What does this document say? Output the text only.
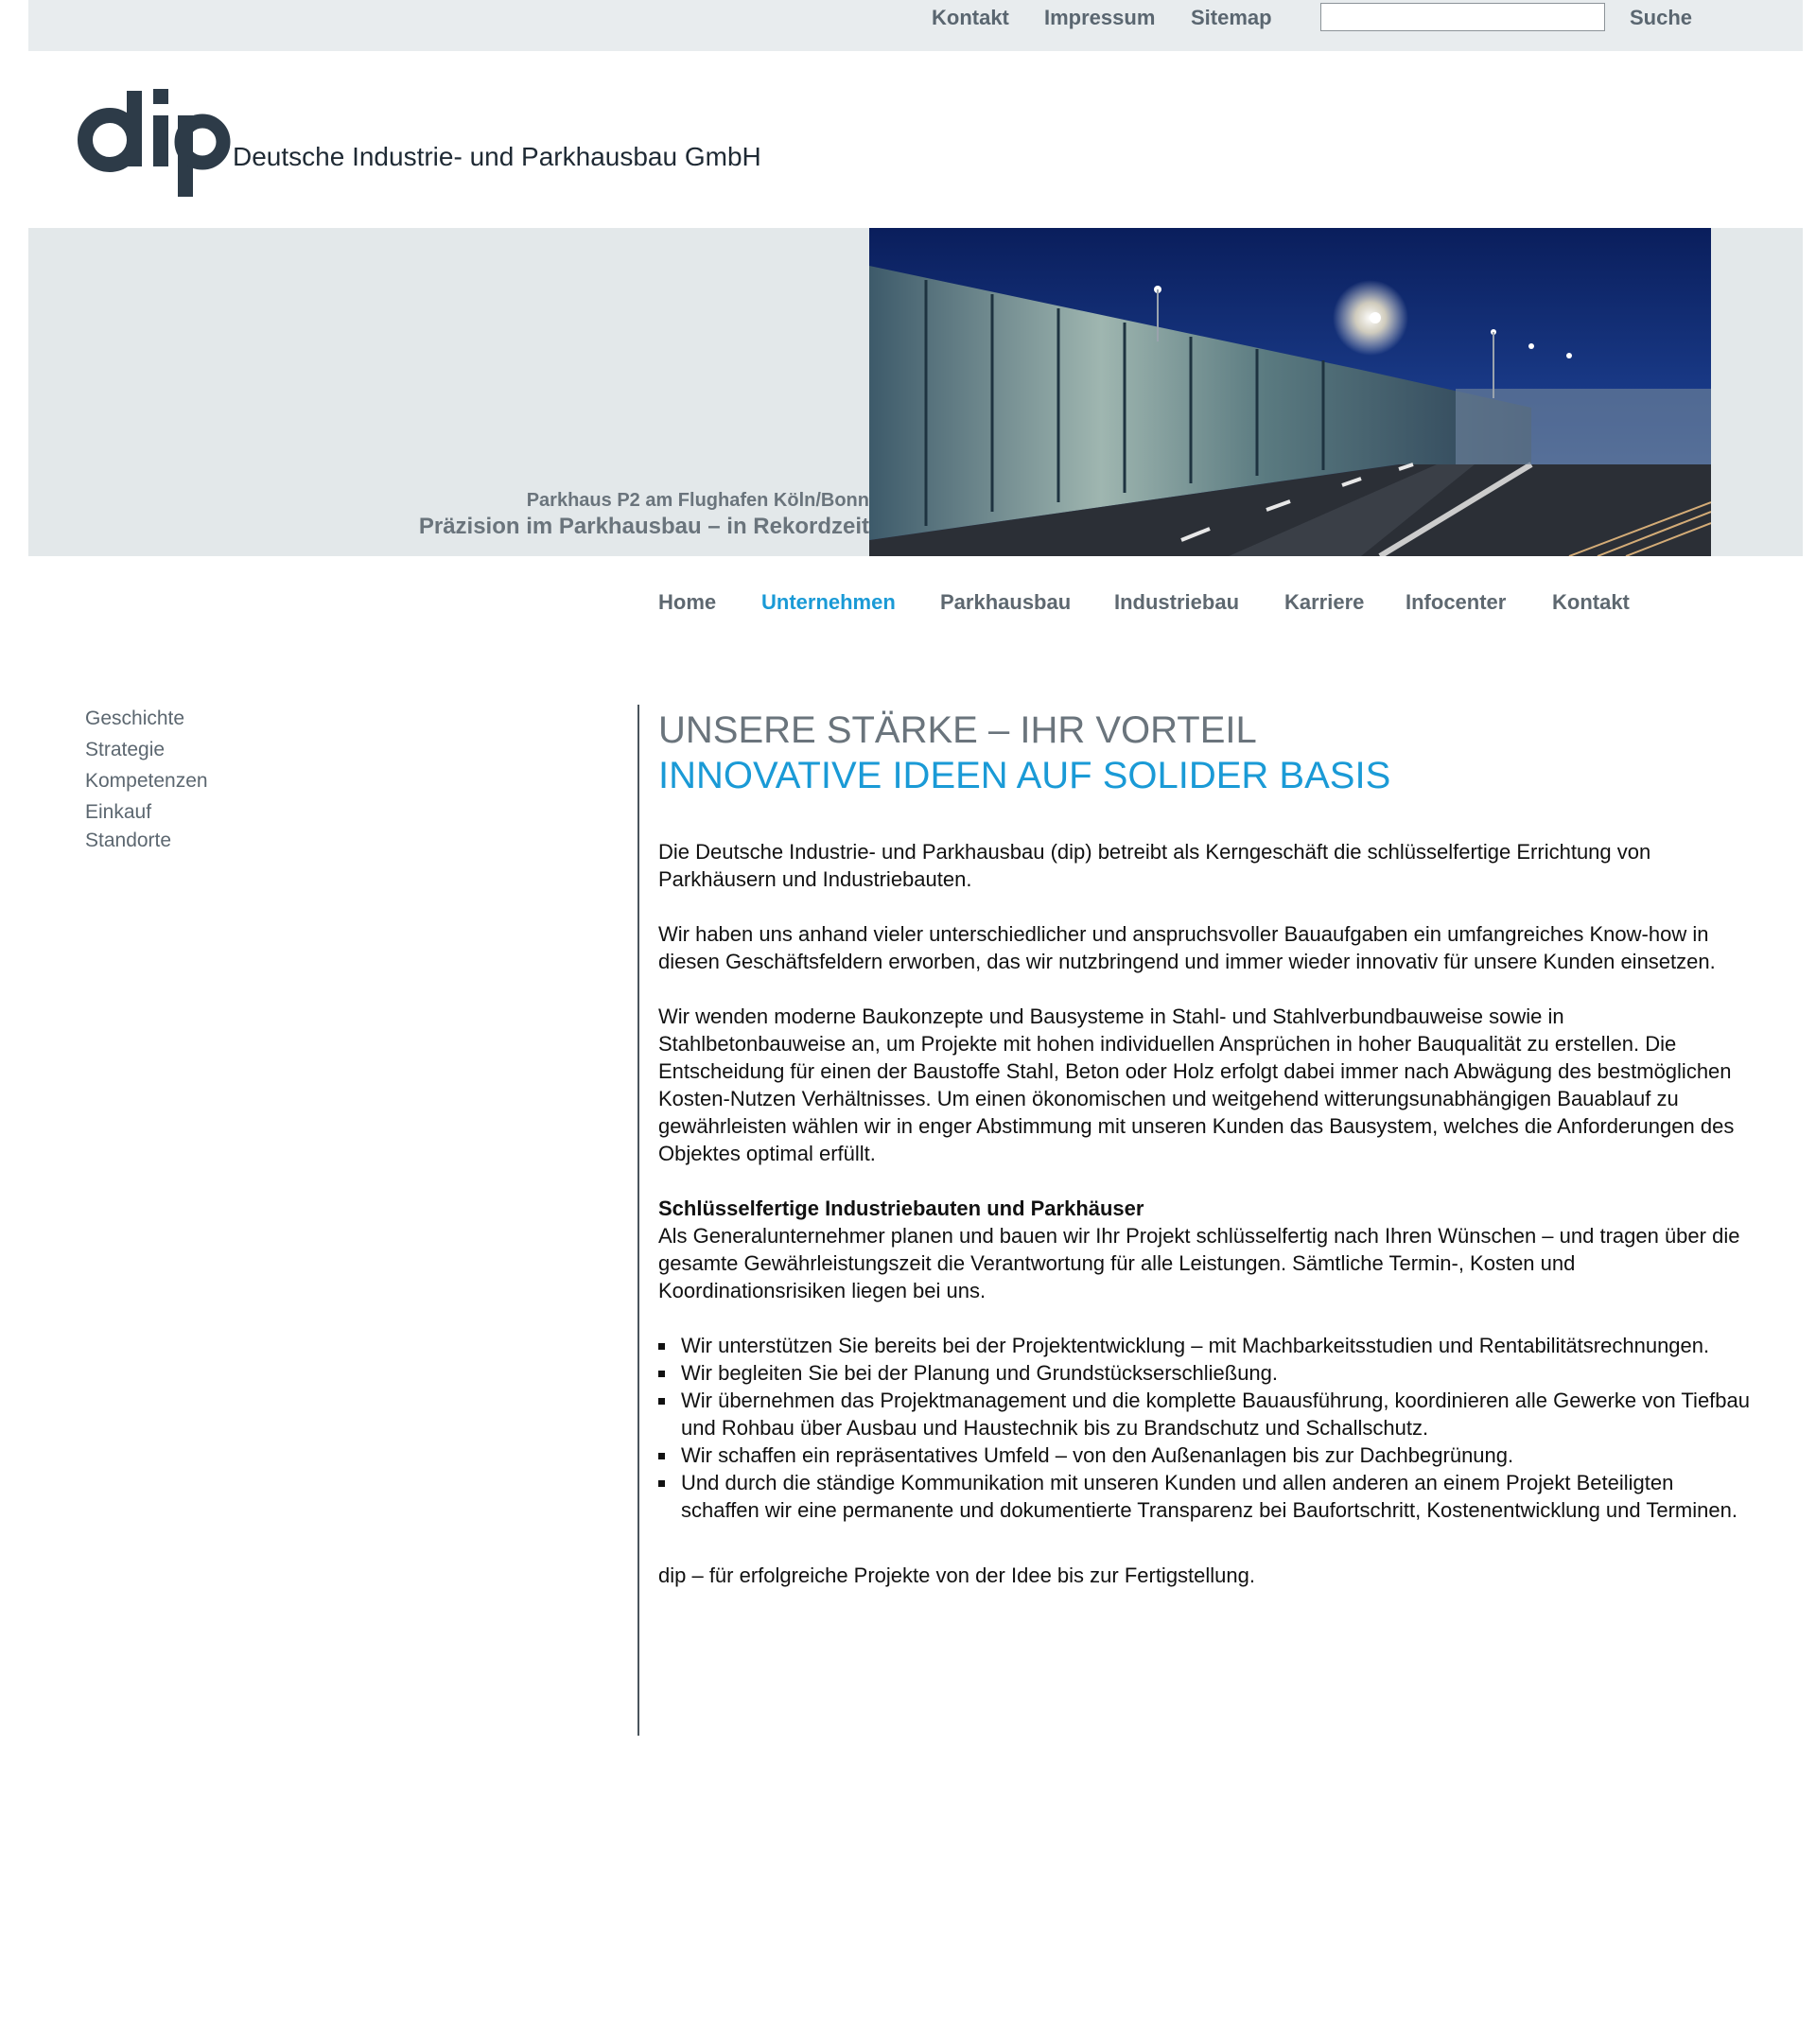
Kontakt Impressum Sitemap	Suche
Deutsche Industrie- und Parkhausbau GmbH
Parkhaus P2 am Flughafen Köln/Bonn
Präzision im Parkhausbau – in Rekordzeit
Home Unternehmen Parkhausbau Industriebau Karriere Infocenter Kontakt
Geschichte
Strategie
Kompetenzen
Einkauf
Standorte
UNSERE STÄRKE – IHR VORTEIL
INNOVATIVE IDEEN AUF SOLIDER BASIS

Die Deutsche Industrie- und Parkhausbau (dip) betreibt als Kerngeschäft die schlüsselfertige Errichtung von Parkhäusern und Industriebauten.

Wir haben uns anhand vieler unterschiedlicher und anspruchsvoller Bauaufgaben ein umfangreiches Know-how in diesen Geschäftsfeldern erworben, das wir nutzbringend und immer wieder innovativ für unsere Kunden einsetzen.

Wir wenden moderne Baukonzepte und Bausysteme in Stahl- und Stahlverbundbauweise sowie in Stahlbetonbauweise an, um Projekte mit hohen individuellen Ansprüchen in hoher Bauqualität zu erstellen. Die Entscheidung für einen der Baustoffe Stahl, Beton oder Holz erfolgt dabei immer nach Abwägung des bestmöglichen Kosten-Nutzen Verhältnisses. Um einen ökonomischen und weitgehend witterungsunabhängigen Bauablauf zu gewährleisten wählen wir in enger Abstimmung mit unseren Kunden das Bausystem, welches die Anforderungen des Objektes optimal erfüllt.

Schlüsselfertige Industriebauten und Parkhäuser

Als Generalunternehmer planen und bauen wir Ihr Projekt schlüsselfertig nach Ihren Wünschen – und tragen über die gesamte Gewährleistungszeit die Verantwortung für alle Leistungen. Sämtliche Termin-, Kosten und Koordinationsrisiken liegen bei uns.

Wir unterstützen Sie bereits bei der Projektentwicklung – mit Machbarkeitsstudien und Rentabilitätsrechnungen.
Wir begleiten Sie bei der Planung und Grundstückserschließung.
Wir übernehmen das Projektmanagement und die komplette Bauausführung, koordinieren alle Gewerke von Tiefbau und Rohbau über Ausbau und Haustechnik bis zu Brandschutz und Schallschutz.
Wir schaffen ein repräsentatives Umfeld – von den Außenanlagen bis zur Dachbegrünung.
Und durch die ständige Kommunikation mit unseren Kunden und allen anderen an einem Projekt Beteiligten schaffen wir eine permanente und dokumentierte Transparenz bei Baufortschritt, Kostenentwicklung und Terminen.

dip – für erfolgreiche Projekte von der Idee bis zur Fertigstellung.
